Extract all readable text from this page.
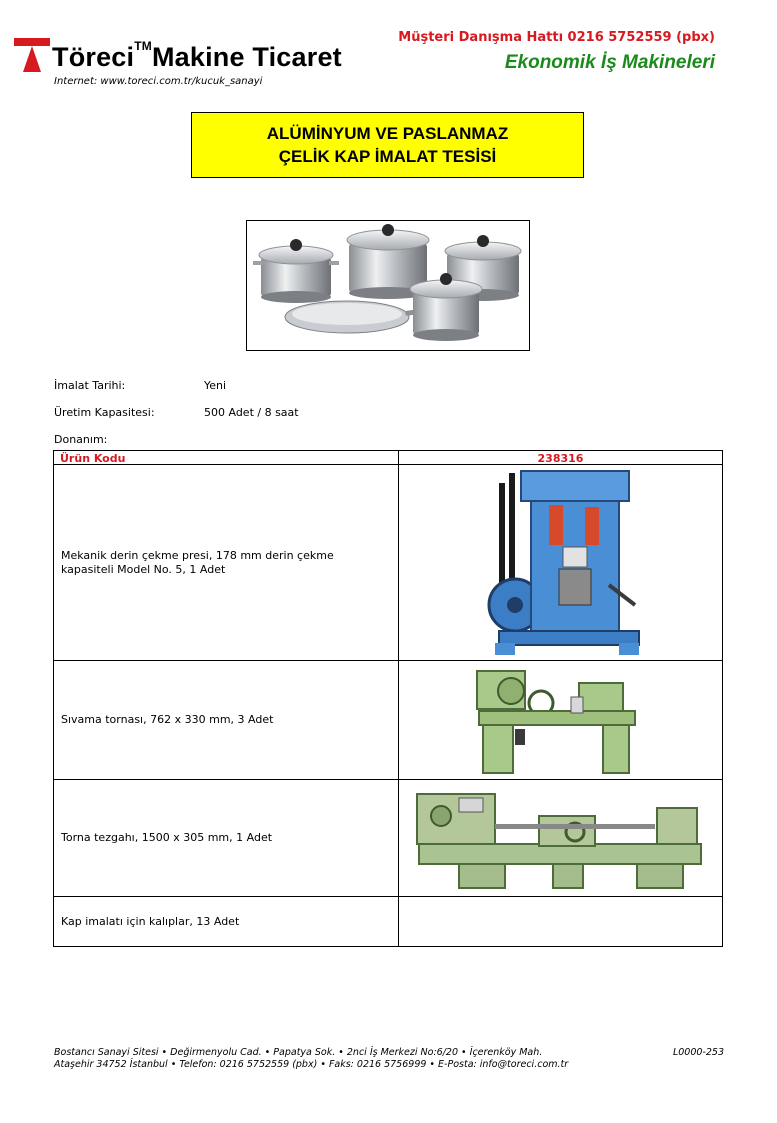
Töreci™Makine Ticaret
Internet: www.toreci.com.tr/kucuk_sanayi
Müşteri Danışma Hattı 0216 5752559 (pbx)
Ekonomik İş Makineleri
ALÜMİNYUM VE PASLANMAZ
ÇELİK KAP İMALAT TESİSİ
İmalat Tarihi:	Yeni
Üretim Kapasitesi:	500 Adet / 8 saat
Donanım:
Ürün Kodu	238316
Mekanik derin çekme presi, 178 mm derin çekme kapasiteli Model No. 5, 1 Adet
Sıvama tornası, 762 x 330 mm, 3 Adet
Torna tezgahı, 1500 x 305 mm, 1 Adet
Kap imalatı için kalıplar, 13 Adet
Bostancı Sanayi Sitesi • Değirmenyolu Cad. • Papatya Sok. • 2nci İş Merkezi No:6/20 • İçerenköy Mah.
Ataşehir 34752 İstanbul • Telefon: 0216 5752559 (pbx) • Faks: 0216 5756999 • E-Posta: info@toreci.com.tr
L0000-253
